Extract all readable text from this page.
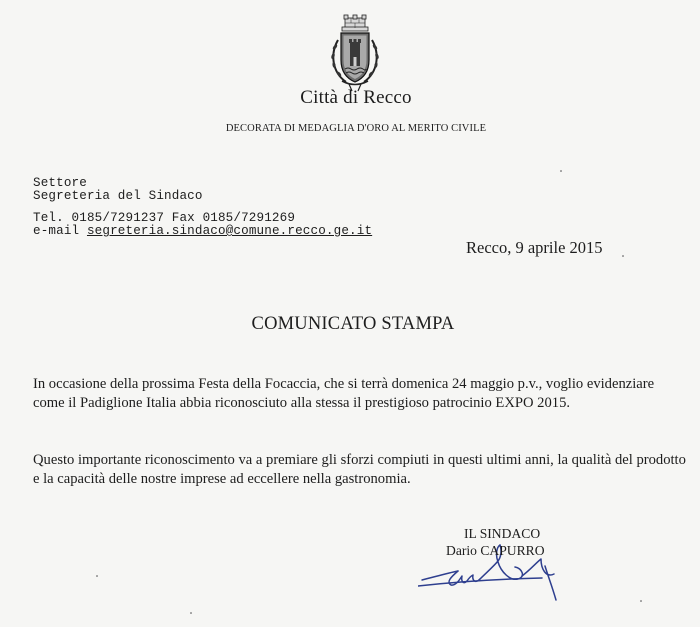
Città di Recco
DECORATA DI MEDAGLIA D'ORO AL MERITO CIVILE
Settore
Segreteria del Sindaco
Tel. 0185/7291237 Fax 0185/7291269
e-mail segreteria.sindaco@comune.recco.ge.it
Recco, 9 aprile 2015
COMUNICATO STAMPA

In occasione della prossima Festa della Focaccia, che si terrà domenica 24 maggio p.v., voglio evidenziare come il Padiglione Italia abbia riconosciuto alla stessa il prestigioso patrocinio EXPO 2015.

Questo importante riconoscimento va a premiare gli sforzi compiuti in questi ultimi anni, la qualità del prodotto e la capacità delle nostre imprese ad eccellere nella gastronomia.

IL SINDACO
Dario CAPURRO
